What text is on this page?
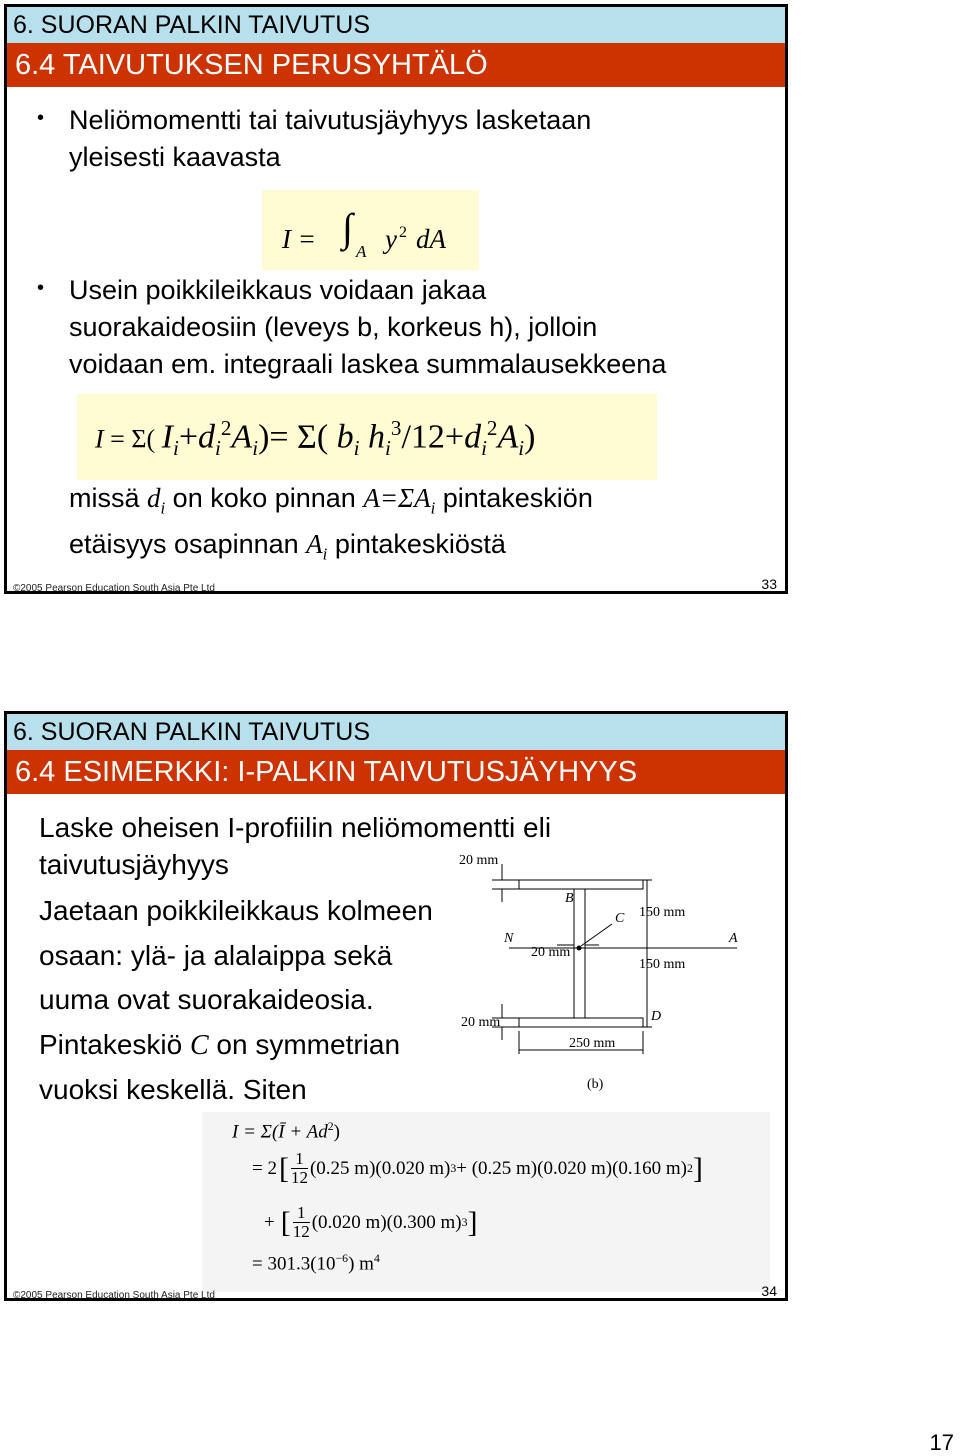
6. SUORAN PALKIN TAIVUTUS
6.4 TAIVUTUKSEN PERUSYHTÄLÖ
• Neliömomentti tai taivutusjäyhyys lasketaan
yleisesti kaavasta
I = ∫
A y 2 dA
• Usein poikkileikkaus voidaan jakaa
suorakaideosiin (leveys b, korkeus h), jolloin
voidaan em. integraali laskea summalausekkeena
I = Σ( $I_i+d_i^2A_i)= \Sigma$( $b_i$ $h_i^3/12+d_i^2A_i$)
missä $d_i$ on koko pinnan $A=\Sigma A_i$ pintakeskiön
etäisyys osapinnan $A_i$ pintakeskiöstä
©2005 Pearson Education South Asia Pte Ltd	33
6. SUORAN PALKIN TAIVUTUS
6.4 ESIMERKKI: I-PALKIN TAIVUTUSJÄYHYYS
Laske oheisen I-profiilin neliömomentti eli
taivutusjäyhyys
Jaetaan poikkileikkaus kolmeen
osaan: ylä- ja alalaippa sekä
uuma ovat suorakaideosia.
Pintakeskiö C on symmetrian
vuoksi keskellä. Siten
20 mm
B
C 150 mm
N
20 mm
A
150 mm
D
20 mm
250 mm
(b)
I = Σ(Ī + $Ad^2$)
= 2 [ 1
12 (0.25 m)(0.020 m) 3 + (0.25 m)(0.020 m)(0.160 m) 2 ]
+ [ 1
12 (0.020 m)(0.300 m) 3 ]
= $301.3(10^{-6})$ $m^4$
©2005 Pearson Education South Asia Pte Ltd	34
17
